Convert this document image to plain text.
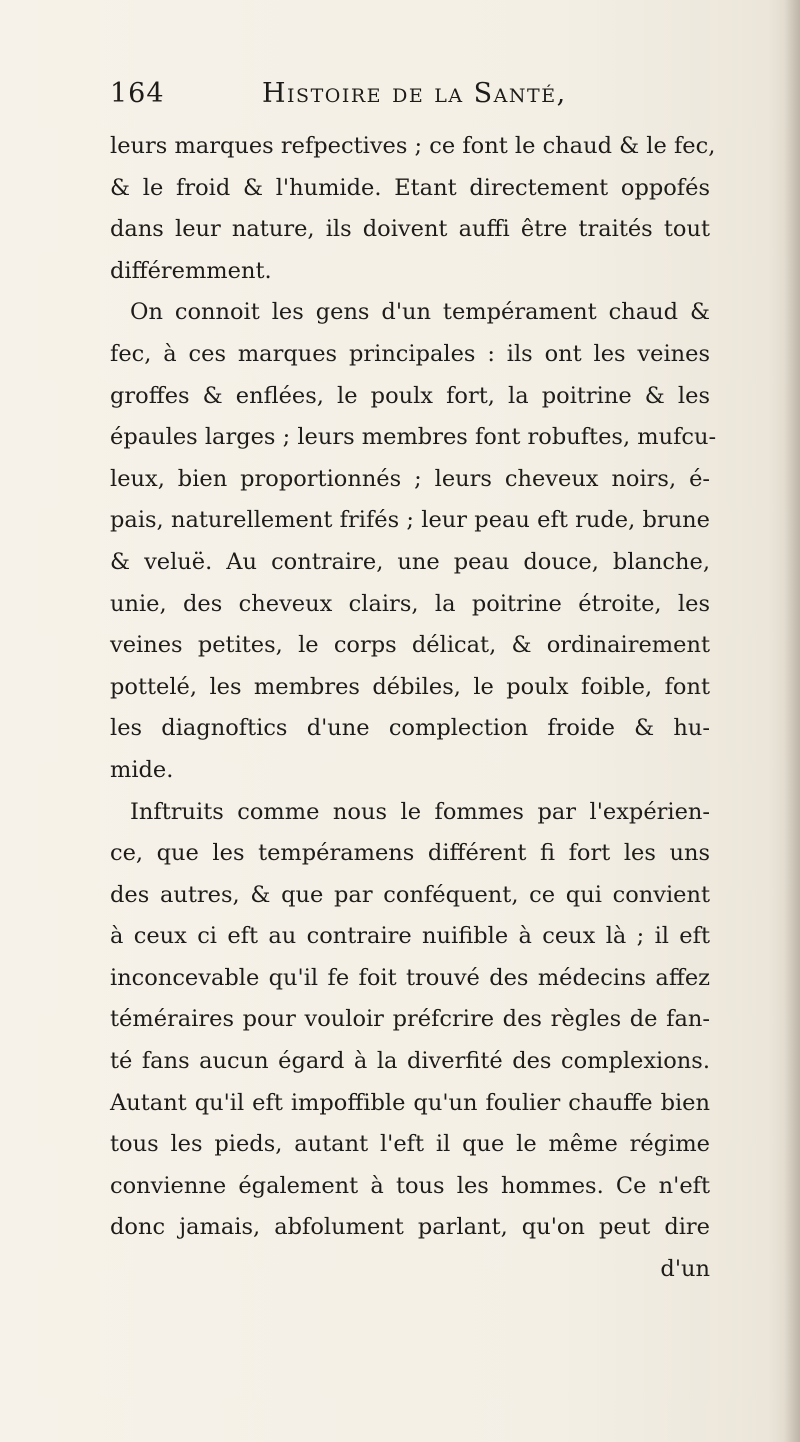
164	Histoire de la Santé,
leurs marques refpectives ; ce font le chaud & le fec,
& le froid & l'humide. Etant directement oppofés
dans leur nature, ils doivent auffi être traités tout
différemment.
On connoit les gens d'un tempérament chaud &
fec, à ces marques principales : ils ont les veines
groffes & enflées, le poulx fort, la poitrine & les
épaules larges ; leurs membres font robuftes, mufcu-
leux, bien proportionnés ; leurs cheveux noirs, é-
pais, naturellement frifés ; leur peau eft rude, brune
& veluë. Au contraire, une peau douce, blanche,
unie, des cheveux clairs, la poitrine étroite, les
veines petites, le corps délicat, & ordinairement
pottelé, les membres débiles, le poulx foible, font
les diagnoftics d'une complection froide & hu-
mide.
Inftruits comme nous le fommes par l'expérien-
ce, que les tempéramens différent fi fort les uns
des autres, & que par conféquent, ce qui convient
à ceux ci eft au contraire nuifible à ceux là ; il eft
inconcevable qu'il fe foit trouvé des médecins affez
téméraires pour vouloir préfcrire des règles de fan-
té fans aucun égard à la diverfité des complexions.
Autant qu'il eft impoffible qu'un foulier chauffe bien
tous les pieds, autant l'eft il que le même régime
convienne également à tous les hommes. Ce n'eft
donc jamais, abfolument parlant, qu'on peut dire
d'un
